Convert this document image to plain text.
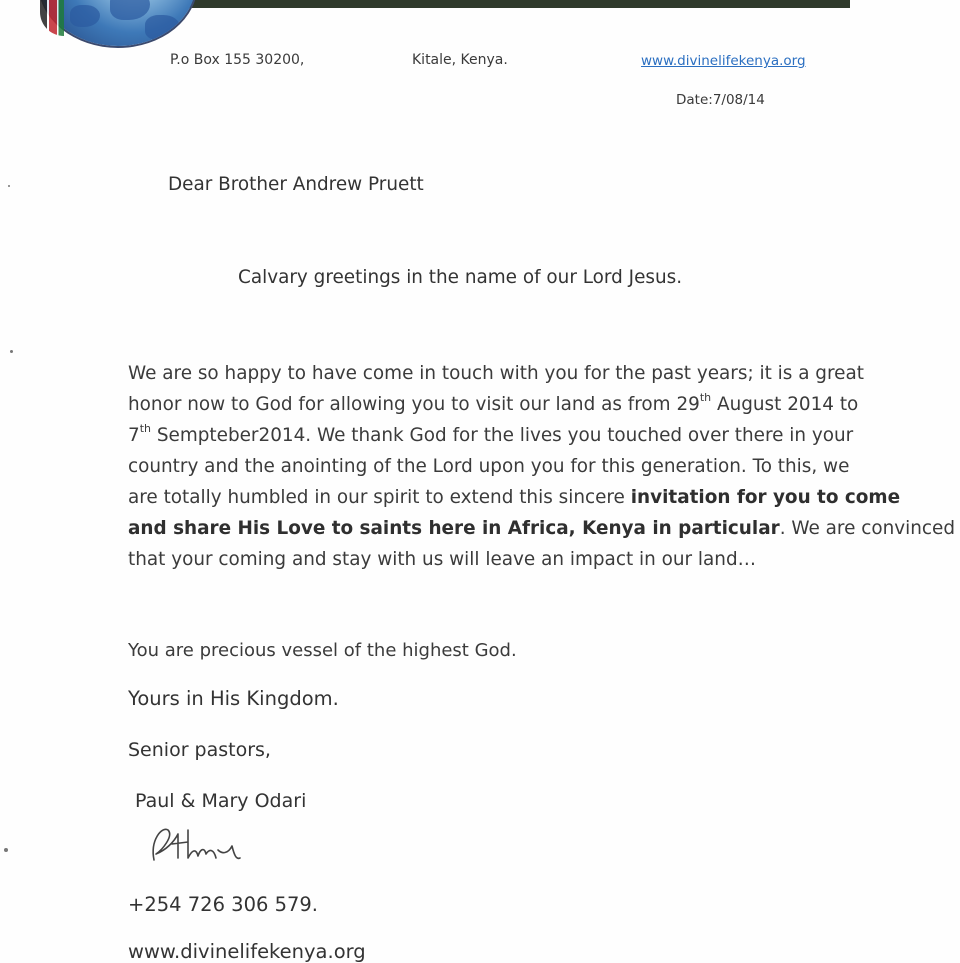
P.o Box 155 30200,	Kitale, Kenya.	www.divinelifekenya.org
Date:7/08/14
Dear Brother Andrew Pruett
Calvary greetings in the name of our Lord Jesus.
We are so happy to have come in touch with you for the past years; it is a great
honor now to God for allowing you to visit our land as from 29th August 2014 to
7th Sempteber2014. We thank God for the lives you touched over there in your
country and the anointing of the Lord upon you for this generation. To this, we
are totally humbled in our spirit to extend this sincere invitation for you to come
and share His Love to saints here in Africa, Kenya in particular. We are convinced
that your coming and stay with us will leave an impact in our land…
You are precious vessel of the highest God.
Yours in His Kingdom.
Senior pastors,
Paul & Mary Odari
+254 726 306 579.
www.divinelifekenya.org
